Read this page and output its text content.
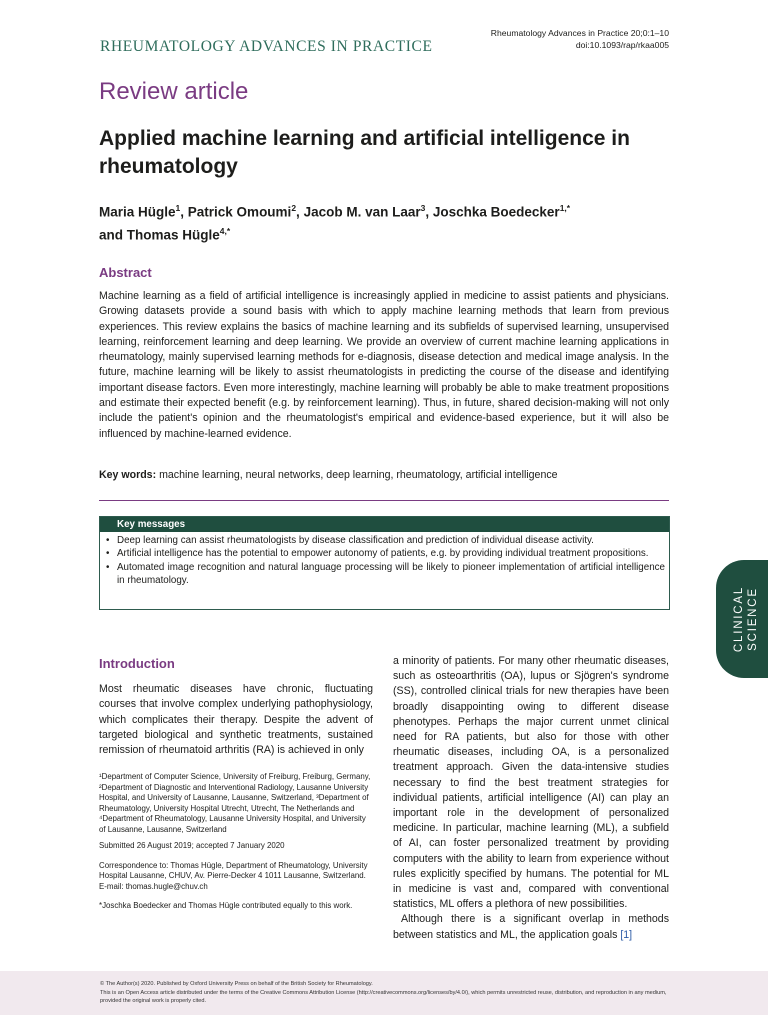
RHEUMATOLOGY ADVANCES IN PRACTICE
Rheumatology Advances in Practice 20;0:1–10
doi:10.1093/rap/rkaa005
Review article
Applied machine learning and artificial intelligence in rheumatology
Maria Hügle$^1$, Patrick Omoumi$^2$, Jacob M. van Laar$^3$, Joschka Boedecker$^{1,*}$
and Thomas Hügle$^{4,*}$
Abstract
Machine learning as a field of artificial intelligence is increasingly applied in medicine to assist patients and physicians. Growing datasets provide a sound basis with which to apply machine learning methods that learn from previous experiences. This review explains the basics of machine learning and its subfields of supervised learning, unsupervised learning, reinforcement learning and deep learning. We provide an overview of current machine learning applications in rheumatology, mainly supervised learning methods for e-diagnosis, disease detection and medical image analysis. In the future, machine learning will be likely to assist rheumatologists in predicting the course of the disease and identifying important disease factors. Even more interestingly, machine learning will probably be able to make treatment propositions and estimate their expected benefit (e.g. by reinforcement learning). Thus, in future, shared decision-making will not only include the patient's opinion and the rheumatologist's empirical and evidence-based experience, but it will also be influenced by machine-learned evidence.
Key words: machine learning, neural networks, deep learning, rheumatology, artificial intelligence
Key messages
• Deep learning can assist rheumatologists by disease classification and prediction of individual disease activity.
• Artificial intelligence has the potential to empower autonomy of patients, e.g. by providing individual treatment propositions.
• Automated image recognition and natural language processing will be likely to pioneer implementation of artificial intelligence in rheumatology.
CLINICAL SCIENCE
Introduction
Most rheumatic diseases have chronic, fluctuating courses that involve complex underlying pathophysiology, which complicates their therapy. Despite the advent of targeted biological and synthetic treatments, sustained remission of rheumatoid arthritis (RA) is achieved in only

¹Department of Computer Science, University of Freiburg, Freiburg, Germany, ²Department of Diagnostic and Interventional Radiology, Lausanne University Hospital, and University of Lausanne, Lausanne, Switzerland, ³Department of Rheumatology, University Hospital Utrecht, Utrecht, The Netherlands and ⁴Department of Rheumatology, Lausanne University Hospital, and University of Lausanne, Lausanne, Switzerland

Submitted 26 August 2019; accepted 7 January 2020

Correspondence to: Thomas Hügle, Department of Rheumatology, University Hospital Lausanne, CHUV, Av. Pierre-Decker 4 1011 Lausanne, Switzerland. E-mail: thomas.hugle@chuv.ch

*Joschka Boedecker and Thomas Hügle contributed equally to this work.

a minority of patients. For many other rheumatic diseases, such as osteoarthritis (OA), lupus or Sjögren's syndrome (SS), controlled clinical trials for new therapies have been broadly disappointing owing to different disease phenotypes. Perhaps the major current unmet clinical need for RA patients, but also for those with other rheumatic diseases, including OA, is a personalized treatment approach. Given the data-intensive studies necessary to find the best treatment strategies for individual patients, artificial intelligence (AI) can play an important role in the development of personalized medicine. In particular, machine learning (ML), a subfield of AI, can foster personalized treatment by providing computers with the ability to learn from experience without rules explicitly specified by humans. The potential for ML in medicine is vast and, compared with conventional statistics, ML offers a plethora of new possibilities.

Although there is a significant overlap in methods between statistics and ML, the application goals [1]

© The Author(s) 2020. Published by Oxford University Press on behalf of the British Society for Rheumatology.
This is an Open Access article distributed under the terms of the Creative Commons Attribution License (http://creativecommons.org/licenses/by/4.0/), which permits unrestricted reuse, distribution, and reproduction in any medium, provided the original work is properly cited.
